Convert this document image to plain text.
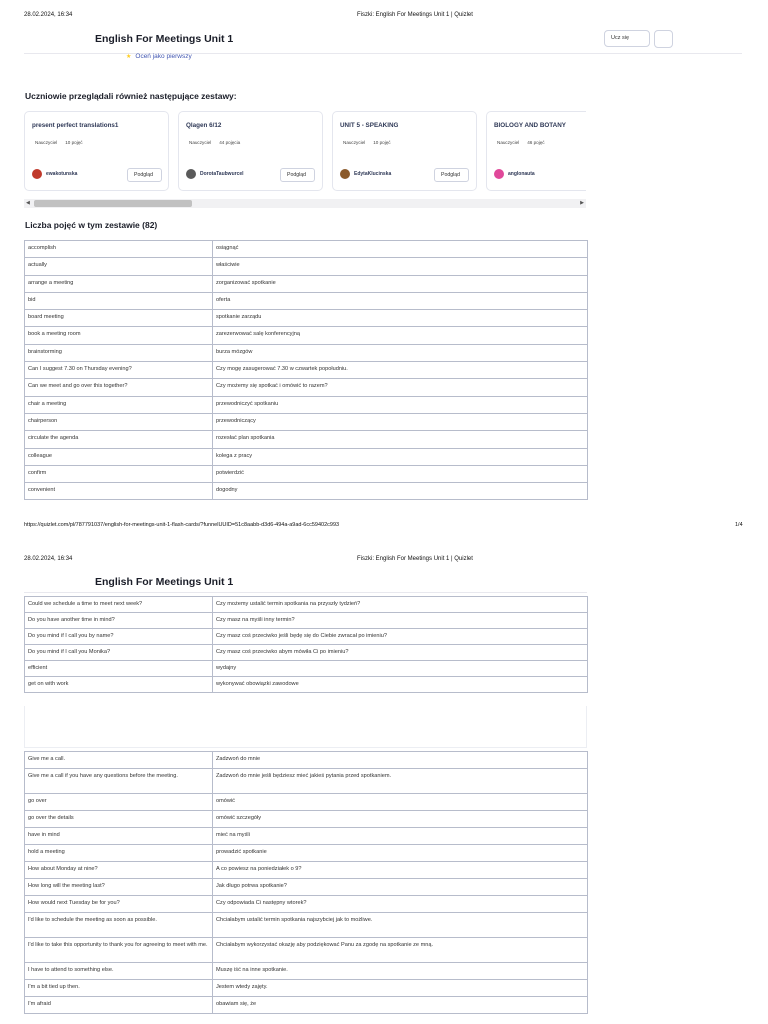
28.02.2024, 16:34	Fiszki: English For Meetings Unit 1 | Quizlet
English For Meetings Unit 1	Ucz się
★ Oceń jako pierwszy
Uczniowie przeglądali również następujące zestawy:
present perfect translations1
Nauczyciel 10 pojęć
ewakotunska	Podgląd
Qlagen 6/12
Nauczyciel 44 pojęcia
DorotaTaubwurcel	Podgląd
UNIT 5 - SPEAKING
Nauczyciel 10 pojęć
EdytaKlucinska	Podgląd
BIOLOGY AND BOTANY
Nauczyciel 46 pojęć
anglonauta
◀	▶
Liczba pojęć w tym zestawie (82)
accomplish	osiągnąć
actually	właściwie
arrange a meeting	zorganizować spotkanie
bid	oferta
board meeting	spotkanie zarządu
book a meeting room	zarezerwować salę konferencyjną
brainstorming	burza mózgów
Can I suggest 7.30 on Thursday evening?	Czy mogę zasugerować 7.30 w czwartek popołudniu.
Can we meet and go over this together?	Czy możemy się spotkać i omówić to razem?
chair a meeting	przewodniczyć spotkaniu
chairperson	przewodniczący
circulate the agenda	rozesłać plan spotkania
colleague	kolega z pracy
confirm	potwierdzić
convenient	dogodny
https://quizlet.com/pl/787791037/english-for-meetings-unit-1-flash-cards/?funnelUUID=51c8aabb-d3d6-494a-a9ad-6cc59402c993	1/4
28.02.2024, 16:34	Fiszki: English For Meetings Unit 1 | Quizlet
English For Meetings Unit 1
Could we schedule a time to meet next week?	Czy możemy ustalić termin spotkania na przyszły tydzień?
Do you have another time in mind?	Czy masz na myśli inny termin?
Do you mind if I call you by name?	Czy masz coś przeciwko jeśli będę się do Ciebie zwracał po imieniu?
Do you mind if I call you Monika?	Czy masz coś przeciwko abym mówiła Ci po imieniu?
efficient	wydajny
get on with work	wykonywać obowiązki zawodowe
Give me a call.	Zadzwoń do mnie
Give me a call if you have any questions before the meeting.	Zadzwoń do mnie jeśli będziesz mieć jakieś pytania przed spotkaniem.
go over	omówić
go over the details	omówić szczegóły
have in mind	mieć na myśli
hold a meeting	prowadzić spotkanie
How about Monday at nine?	A co powiesz na poniedziałek o 9?
How long will the meeting last?	Jak długo potrwa spotkanie?
How would next Tuesday be for you?	Czy odpowiada Ci następny wtorek?
I'd like to schedule the meeting as soon as possible.	Chciałabym ustalić termin spotkania najszybciej jak to możliwe.
I'd like to take this opportunity to thank you for agreeing to meet with me.	Chciałabym wykorzystać okazję aby podziękować Panu za zgodę na spotkanie ze mną.
I have to attend to something else.	Muszę iść na inne spotkanie.
I'm a bit tied up then.	Jestem wtedy zajęty.
I'm afraid	obawiam się, że
